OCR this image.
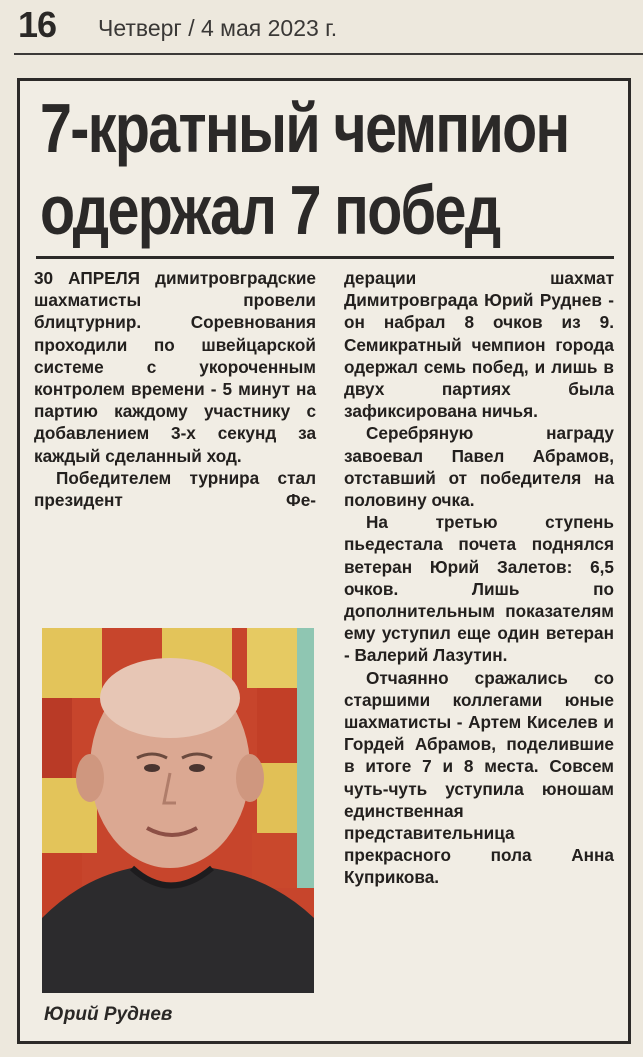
16 Четверг / 4 мая 2023 г.
7-кратный чемпион
одержал 7 побед

30 АПРЕЛЯ димитровградские шахматисты провели блицтурнир. Соревнования проходили по швейцарской системе с укороченным контролем времени - 5 минут на партию каждому участнику с добавлением 3-х секунд за каждый сделанный ход.

Победителем турнира стал президент Фе-

дерации шахмат Димитровграда Юрий Руднев - он набрал 8 очков из 9. Семикратный чемпион города одержал семь побед, и лишь в двух партиях была зафиксирована ничья.

Серебряную награду завоевал Павел Абрамов, отставший от победителя на половину очка.

На третью ступень пьедестала почета поднялся ветеран Юрий Залетов: 6,5 очков. Лишь по дополнительным показателям ему уступил еще один ветеран - Валерий Лазутин.

Отчаянно сражались со старшими коллегами юные шахматисты - Артем Киселев и Гордей Абрамов, поделившие в итоге 7 и 8 места. Совсем чуть-чуть уступила юношам единственная представительница прекрасного пола Анна Куприкова.

Юрий Руднев
